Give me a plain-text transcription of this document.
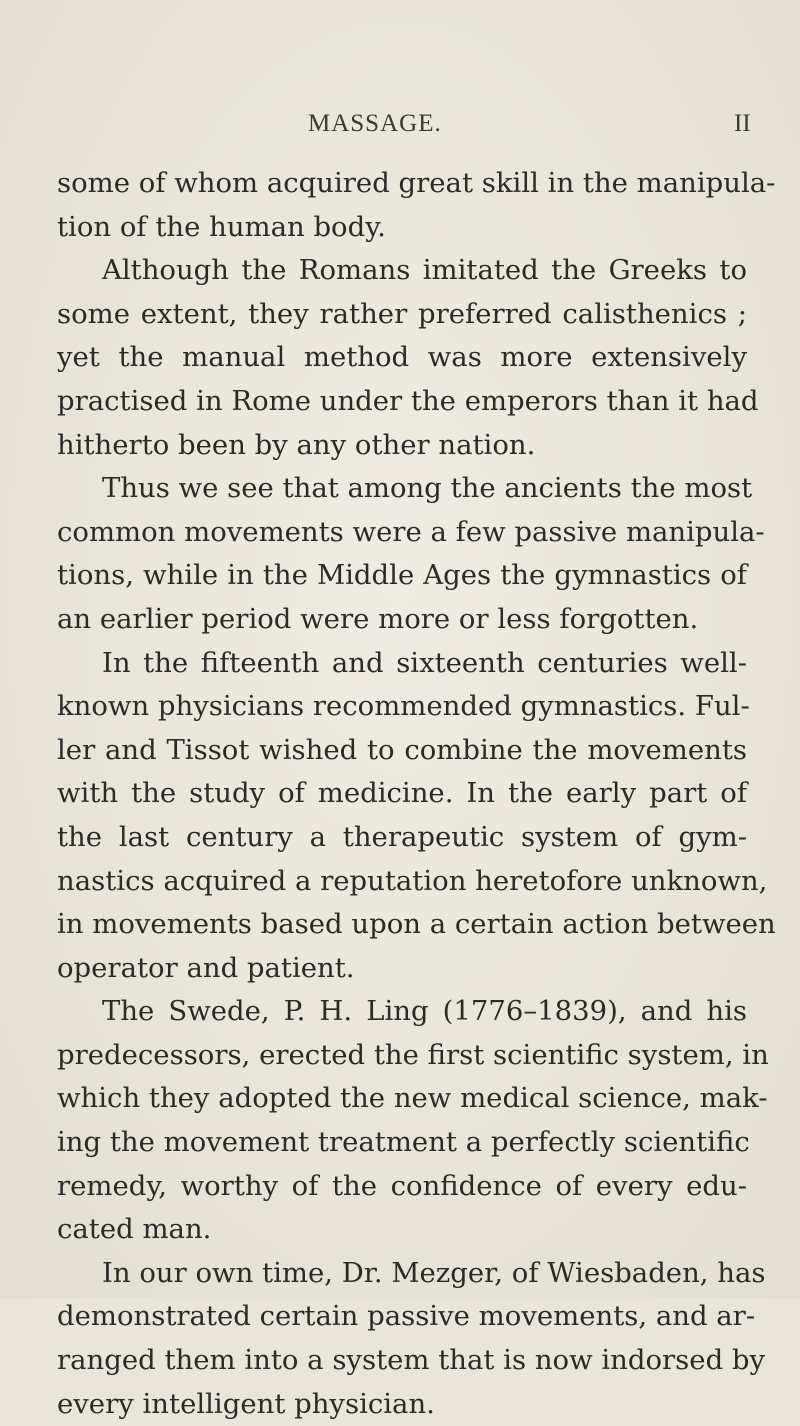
MASSAGE.	II
some of whom acquired great skill in the manipula-
tion of the human body.
Although the Romans imitated the Greeks to
some extent, they rather preferred calisthenics ;
yet the manual method was more extensively
practised in Rome under the emperors than it had
hitherto been by any other nation.
Thus we see that among the ancients the most
common movements were a few passive manipula-
tions, while in the Middle Ages the gymnastics of
an earlier period were more or less forgotten.
In the fifteenth and sixteenth centuries well-
known physicians recommended gymnastics. Ful-
ler and Tissot wished to combine the movements
with the study of medicine. In the early part of
the last century a therapeutic system of gym-
nastics acquired a reputation heretofore unknown,
in movements based upon a certain action between
operator and patient.
The Swede, P. H. Ling (1776–1839), and his
predecessors, erected the first scientific system, in
which they adopted the new medical science, mak-
ing the movement treatment a perfectly scientific
remedy, worthy of the confidence of every edu-
cated man.
In our own time, Dr. Mezger, of Wiesbaden, has
demonstrated certain passive movements, and ar-
ranged them into a system that is now indorsed by
every intelligent physician.
